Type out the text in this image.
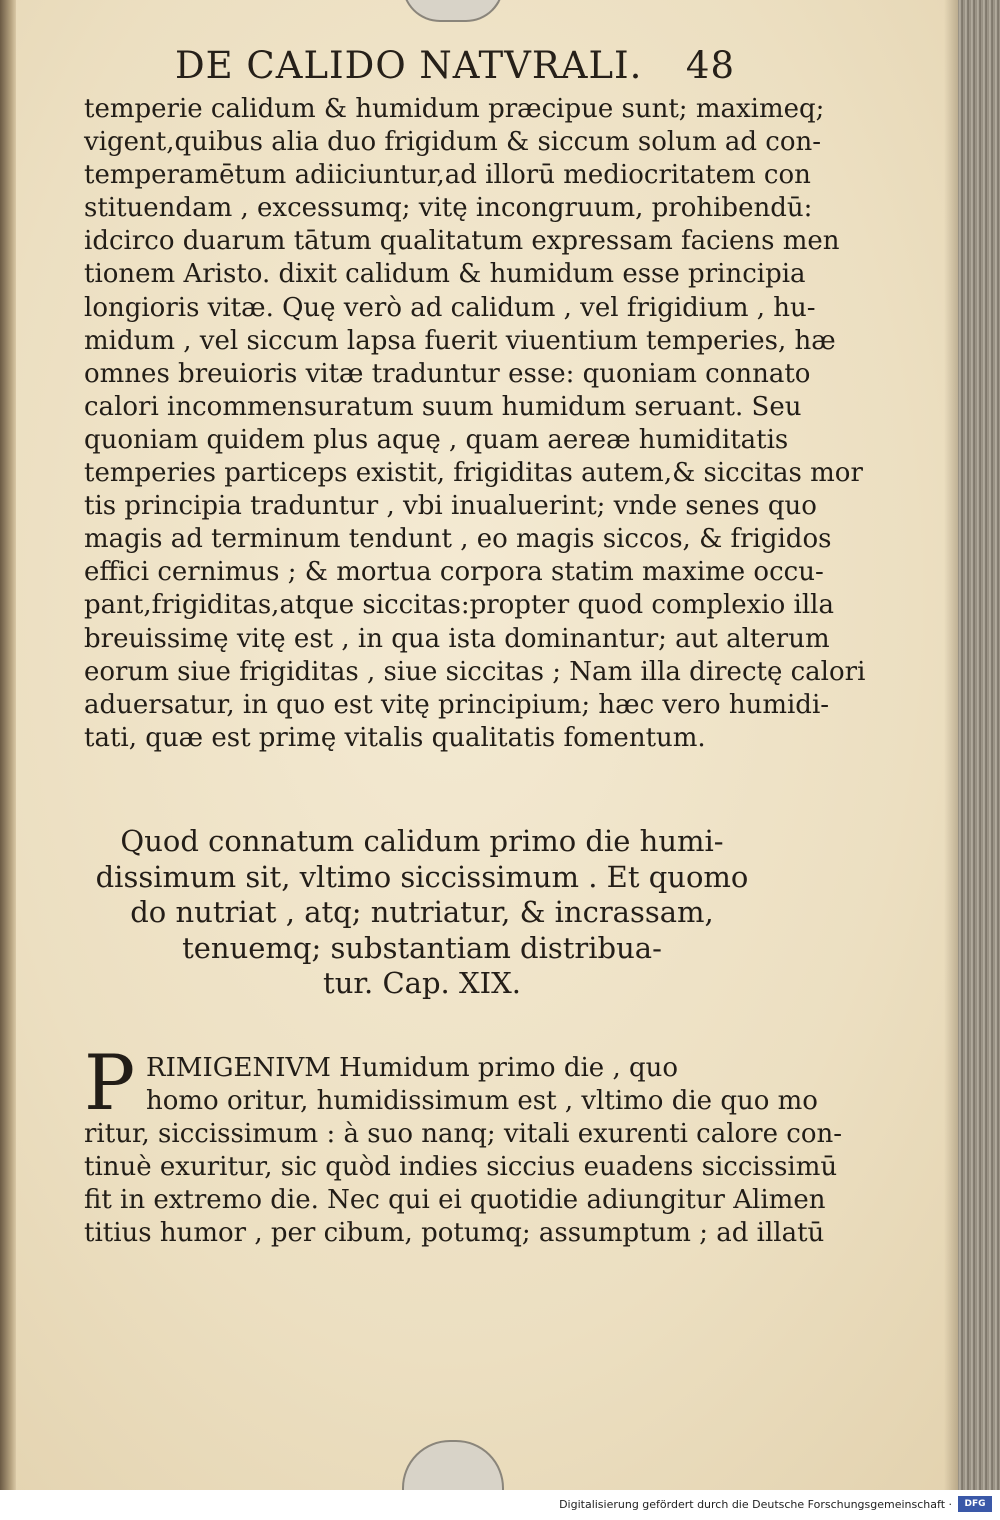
DE CALIDO NATVRALI. 48
temperie calidum & humidum præcipue sunt; maximeq;
vigent,quibus alia duo frigidum & siccum solum ad con-
temperamētum adiiciuntur,ad illorū mediocritatem con
stituendam , excessumq; vitę incongruum, prohibendū:
idcirco duarum tātum qualitatum expressam faciens men
tionem Aristo. dixit calidum & humidum esse principia
longioris vitæ. Quę verò ad calidum , vel frigidium , hu-
midum , vel siccum lapsa fuerit viuentium temperies, hæ
omnes breuioris vitæ traduntur esse: quoniam connato
calori incommensuratum suum humidum seruant. Seu
quoniam quidem plus aquę , quam aereæ humiditatis
temperies particeps existit, frigiditas autem,& siccitas mor
tis principia traduntur , vbi inualuerint; vnde senes quo
magis ad terminum tendunt , eo magis siccos, & frigidos
effici cernimus ; & mortua corpora statim maxime occu-
pant,frigiditas,atque siccitas:propter quod complexio illa
breuissimę vitę est , in qua ista dominantur; aut alterum
eorum siue frigiditas , siue siccitas ; Nam illa directę calori
aduersatur, in quo est vitę principium; hæc vero humidi-
tati, quæ est primę vitalis qualitatis fomentum.
Quod connatum calidum primo die humi-
dissimum sit, vltimo siccissimum . Et quomo
do nutriat , atq; nutriatur, & incrassam,
tenuemq; substantiam distribua-
tur. Cap. XIX.
P RIMIGENIVM Humidum primo die , quo
homo oritur, humidissimum est , vltimo die quo mo
ritur, siccissimum : à suo nanq; vitali exurenti calore con-
tinuè exuritur, sic quòd indies siccius euadens siccissimū
fit in extremo die. Nec qui ei quotidie adiungitur Alimen
titius humor , per cibum, potumq; assumptum ; ad illatū
Digitalisierung gefördert durch die Deutsche Forschungsgemeinschaft ·	DFG
